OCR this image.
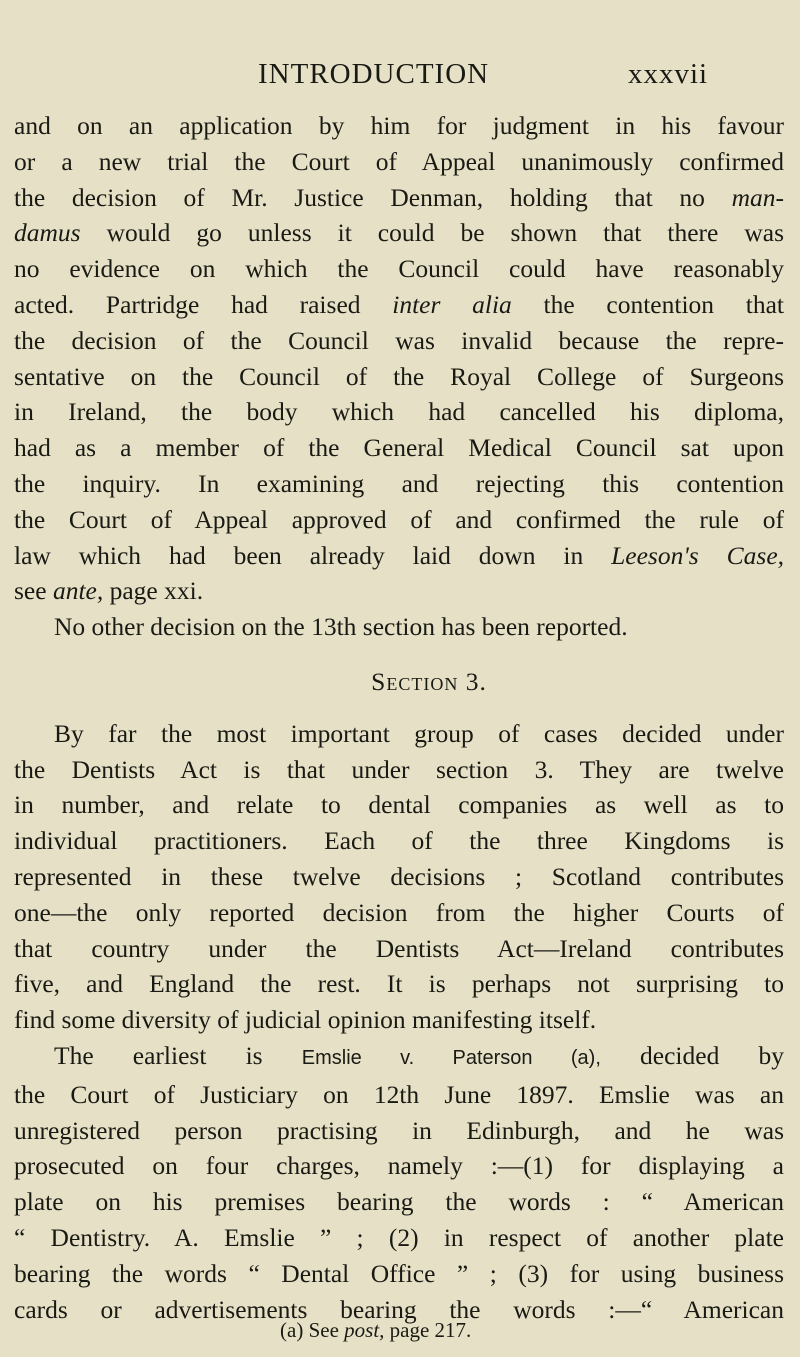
INTRODUCTION	xxxvii
and on an application by him for judgment in his favour
or a new trial the Court of Appeal unanimously confirmed
the decision of Mr. Justice Denman, holding that no man-
damus would go unless it could be shown that there was
no evidence on which the Council could have reasonably
acted. Partridge had raised inter alia the contention that
the decision of the Council was invalid because the repre-
sentative on the Council of the Royal College of Surgeons
in Ireland, the body which had cancelled his diploma,
had as a member of the General Medical Council sat upon
the inquiry. In examining and rejecting this contention
the Court of Appeal approved of and confirmed the rule of
law which had been already laid down in Leeson's Case,
see ante, page xxi.
No other decision on the 13th section has been reported.
Section 3.
By far the most important group of cases decided under
the Dentists Act is that under section 3. They are twelve
in number, and relate to dental companies as well as to
individual practitioners. Each of the three Kingdoms is
represented in these twelve decisions ; Scotland contributes
one—the only reported decision from the higher Courts of
that country under the Dentists Act—Ireland contributes
five, and England the rest. It is perhaps not surprising to
find some diversity of judicial opinion manifesting itself.
The earliest is Emslie v. Paterson (a), decided by
the Court of Justiciary on 12th June 1897. Emslie was an
unregistered person practising in Edinburgh, and he was
prosecuted on four charges, namely :—(1) for displaying a
plate on his premises bearing the words : “ American
“ Dentistry. A. Emslie ” ; (2) in respect of another plate
bearing the words “ Dental Office ” ; (3) for using business
cards or advertisements bearing the words :—“ American
(a) See post, page 217.
